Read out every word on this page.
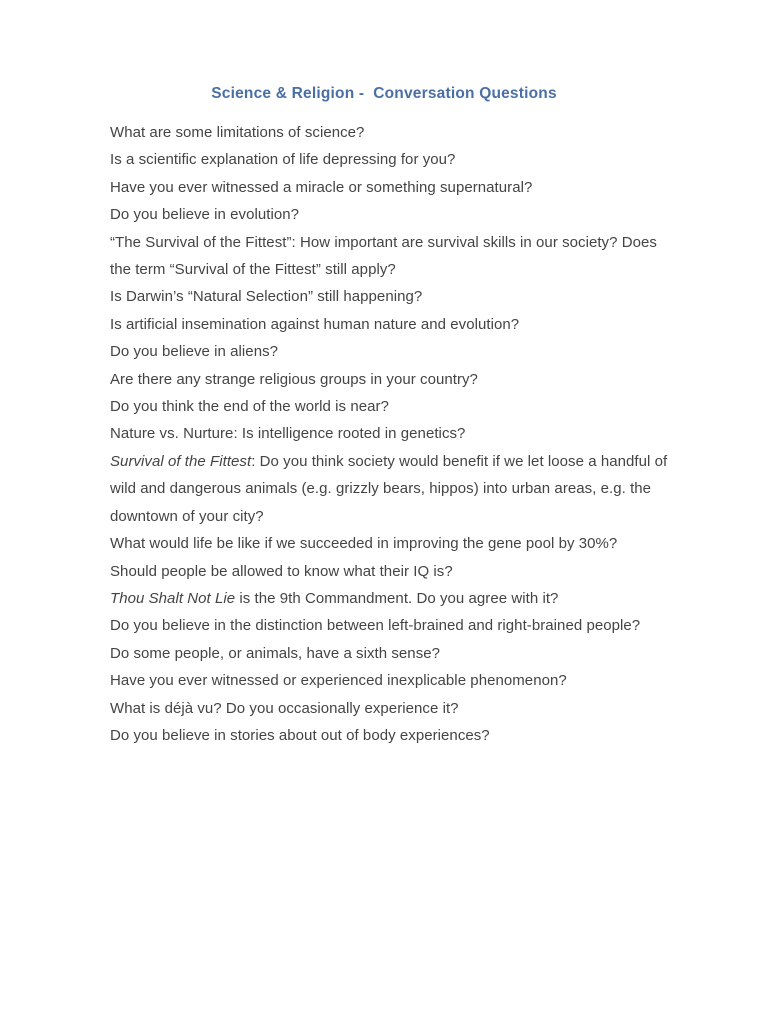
Science & Religion -  Conversation Questions
What are some limitations of science?
Is a scientific explanation of life depressing for you?
Have you ever witnessed a miracle or something supernatural?
Do you believe in evolution?
“The Survival of the Fittest”: How important are survival skills in our society? Does the term “Survival of the Fittest” still apply?
Is Darwin’s “Natural Selection” still happening?
Is artificial insemination against human nature and evolution?
Do you believe in aliens?
Are there any strange religious groups in your country?
Do you think the end of the world is near?
Nature vs. Nurture: Is intelligence rooted in genetics?
Survival of the Fittest: Do you think society would benefit if we let loose a handful of wild and dangerous animals (e.g. grizzly bears, hippos) into urban areas, e.g. the downtown of your city?
What would life be like if we succeeded in improving the gene pool by 30%?
Should people be allowed to know what their IQ is?
Thou Shalt Not Lie is the 9th Commandment. Do you agree with it?
Do you believe in the distinction between left-brained and right-brained people?
Do some people, or animals, have a sixth sense?
Have you ever witnessed or experienced inexplicable phenomenon?
What is déjà vu? Do you occasionally experience it?
Do you believe in stories about out of body experiences?
